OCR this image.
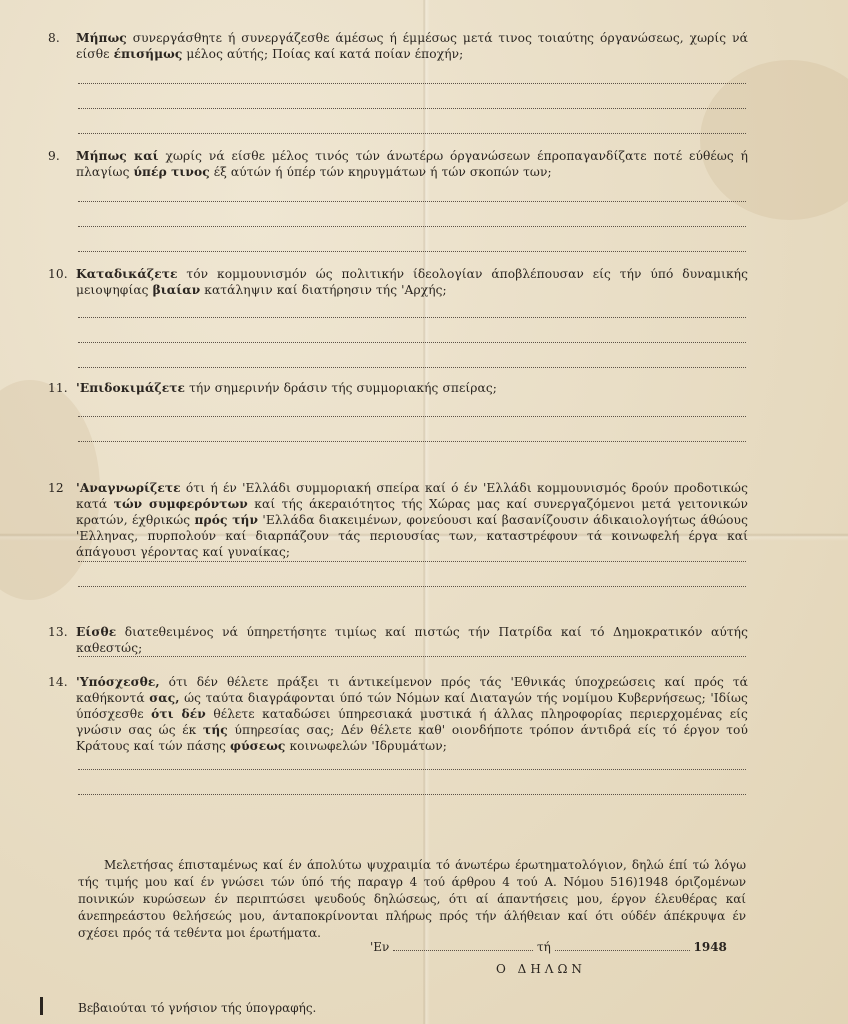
8.	Μήπως συνεργάσθητε ή συνεργάζεσθε άμέσως ή έμμέσως μετά τινος τοιαύτης όργανώσεως, χωρίς νά είσθε έπισήμως μέλος αύτής; Ποίας καί κατά ποίαν έποχήν;
9.	Μήπως καί χωρίς νά είσθε μέλος τινός τών άνωτέρω όργανώσεων έπροπαγανδίζατε ποτέ εύθέως ή πλαγίως ύπέρ τινος έξ αύτών ή ύπέρ τών κηρυγμάτων ή τών σκοπών των;
10. Καταδικάζετε τόν κομμουνισμόν ώς πολιτικήν ίδεολογίαν άποβλέπουσαν είς τήν ύπό δυναμικής μειοψηφίας βιαίαν κατάληψιν καί διατήρησιν τής 'Αρχής;
11. 'Επιδοκιμάζετε τήν σημερινήν δράσιν τής συμμοριακής σπείρας;
12	'Αναγνωρίζετε ότι ή έν 'Ελλάδι συμμοριακή σπείρα καί ό έν 'Ελλάδι κομμουνισμός δρούν προδοτικώς κατά τών συμφερόντων καί τής άκεραιότητος τής Χώρας μας καί συνεργαζόμενοι μετά γειτονικών κρατών, έχθρικώς πρός τήν 'Ελλάδα διακειμένων, φονεύουσι καί βασανίζουσιν άδικαιολογήτως άθώους 'Ελληνας, πυρπολούν καί διαρπάζουν τάς περιουσίας των, καταστρέφουν τά κοινωφελή έργα καί άπάγουσι γέροντας καί γυναίκας;
13. Είσθε διατεθειμένος νά ύπηρετήσητε τιμίως καί πιστώς τήν Πατρίδα καί τό Δημοκρατικόν αύτής καθεστώς;
14. 'Υπόσχεσθε, ότι δέν θέλετε πράξει τι άντικείμενον πρός τάς 'Εθνικάς ύποχρεώσεις καί πρός τά καθήκοντά σας, ώς ταύτα διαγράφονται ύπό τών Νόμων καί Διαταγών τής νομίμου Κυβερνήσεως; 'Ιδίως ύπόσχεσθε ότι δέν θέλετε καταδώσει ύπηρεσιακά μυστικά ή άλλας πληροφορίας περιερχομένας είς γνώσιν σας ώς έκ τής ύπηρεσίας σας; Δέν θέλετε καθ' οιονδήποτε τρόπον άντιδρά είς τό έργον τού Κράτους καί τών πάσης φύσεως κοινωφελών 'Ιδρυμάτων;
Μελετήσας έπισταμένως καί έν άπολύτω ψυχραιμία τό άνωτέρω έρωτηματολόγιον, δηλώ έπί τώ λόγω τής τιμής μου καί έν γνώσει τών ύπό τής παραγρ 4 τού άρθρου 4 τού Α. Νόμου 516)1948 όριζομένων ποινικών κυρώσεων έν περιπτώσει ψευδούς δηλώσεως, ότι αί άπαντήσεις μου, έργον έλευθέρας καί άνεπηρεάστου θελήσεώς μου, άνταποκρίνονται πλήρως πρός τήν άλήθειαν καί ότι ούδέν άπέκρυψα έν σχέσει πρός τά τεθέντα μοι έρωτήματα.
'Εν	τή	1948
Ο ΔΗΛΩΝ
Βεβαιούται τό γνήσιον τής ύπογραφής.
